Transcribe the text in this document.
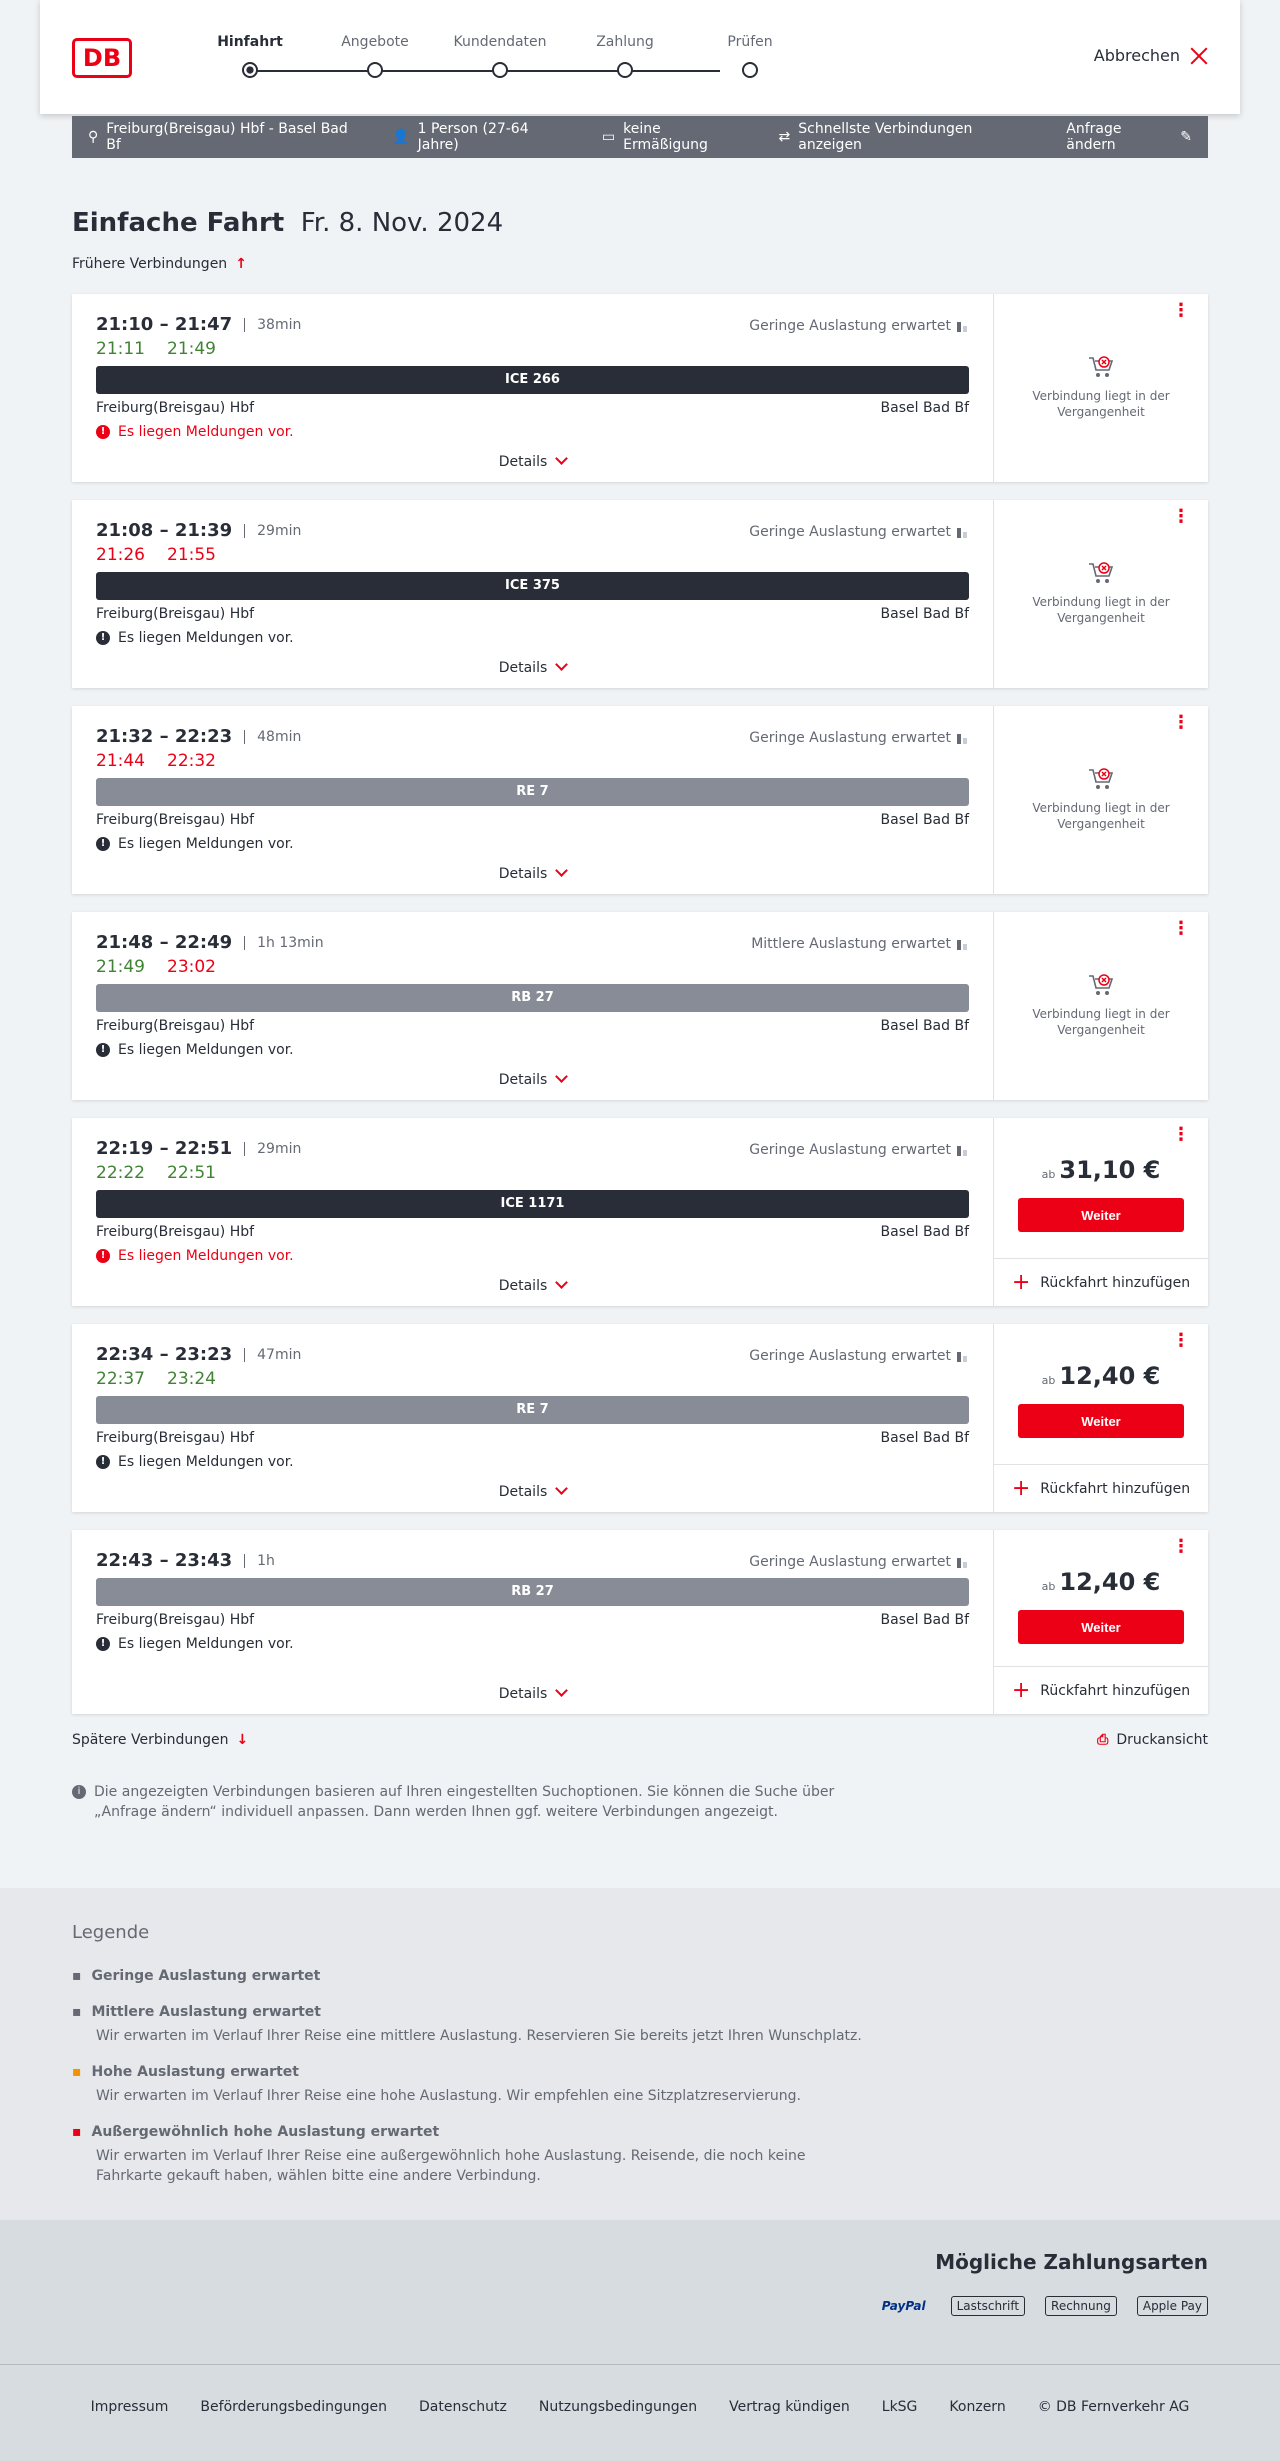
DB
Hinfahrt	Angebote	Kundendaten	Zahlung	Prüfen
Abbrechen
⚲ Freiburg(Breisgau) Hbf - Basel Bad Bf	👤 1 Person (27-64 Jahre)	▭ keine Ermäßigung	⇄ Schnellste Verbindungen anzeigen
Anfrage ändern	✎
Einfache Fahrt Fr. 8. Nov. 2024
Frühere Verbindungen ↑
21:10 – 21:47	38min
21:11 21:49
Geringe Auslastung erwartet
ICE 266
Freiburg(Breisgau) Hbf	Basel Bad Bf
! Es liegen Meldungen vor.
Details
⋮
Verbindung liegt in der Vergangenheit
21:08 – 21:39	29min
21:26 21:55
Geringe Auslastung erwartet
ICE 375
Freiburg(Breisgau) Hbf	Basel Bad Bf
! Es liegen Meldungen vor.
Details
⋮
Verbindung liegt in der Vergangenheit
21:32 – 22:23	48min
21:44 22:32
Geringe Auslastung erwartet
RE 7
Freiburg(Breisgau) Hbf	Basel Bad Bf
! Es liegen Meldungen vor.
Details
⋮
Verbindung liegt in der Vergangenheit
21:48 – 22:49	1h 13min
21:49 23:02
Mittlere Auslastung erwartet
RB 27
Freiburg(Breisgau) Hbf	Basel Bad Bf
! Es liegen Meldungen vor.
Details
⋮
Verbindung liegt in der Vergangenheit
22:19 – 22:51	29min
22:22 22:51
Geringe Auslastung erwartet
ICE 1171
Freiburg(Breisgau) Hbf	Basel Bad Bf
! Es liegen Meldungen vor.
Details
⋮
ab 31,10 €
Weiter
+ Rückfahrt hinzufügen
22:34 – 23:23	47min
22:37 23:24
Geringe Auslastung erwartet
RE 7
Freiburg(Breisgau) Hbf	Basel Bad Bf
! Es liegen Meldungen vor.
Details
⋮
ab 12,40 €
Weiter
+ Rückfahrt hinzufügen
22:43 – 23:43	1h	Geringe Auslastung erwartet
RB 27
Freiburg(Breisgau) Hbf	Basel Bad Bf
! Es liegen Meldungen vor.
Details
⋮
ab 12,40 €
Weiter
+ Rückfahrt hinzufügen
Spätere Verbindungen ↓	⎙ Druckansicht
i Die angezeigten Verbindungen basieren auf Ihren eingestellten Suchoptionen. Sie können die Suche über „Anfrage ändern“ individuell anpassen. Dann werden Ihnen ggf. weitere Verbindungen angezeigt.
Legende
▪ Geringe Auslastung erwartet
▪ Mittlere Auslastung erwartet

Wir erwarten im Verlauf Ihrer Reise eine mittlere Auslastung. Reservieren Sie bereits jetzt Ihren Wunschplatz.

▪ Hohe Auslastung erwartet

Wir erwarten im Verlauf Ihrer Reise eine hohe Auslastung. Wir empfehlen eine Sitzplatzreservierung.

▪ Außergewöhnlich hohe Auslastung erwartet

Wir erwarten im Verlauf Ihrer Reise eine außergewöhnlich hohe Auslastung. Reisende, die noch keine Fahrkarte gekauft haben, wählen bitte eine andere Verbindung.

Mögliche Zahlungsarten
PayPal	Lastschrift	Rechnung	Apple Pay
Impressum Beförderungsbedingungen Datenschutz Nutzungsbedingungen Vertrag kündigen LkSG Konzern © DB Fernverkehr AG
